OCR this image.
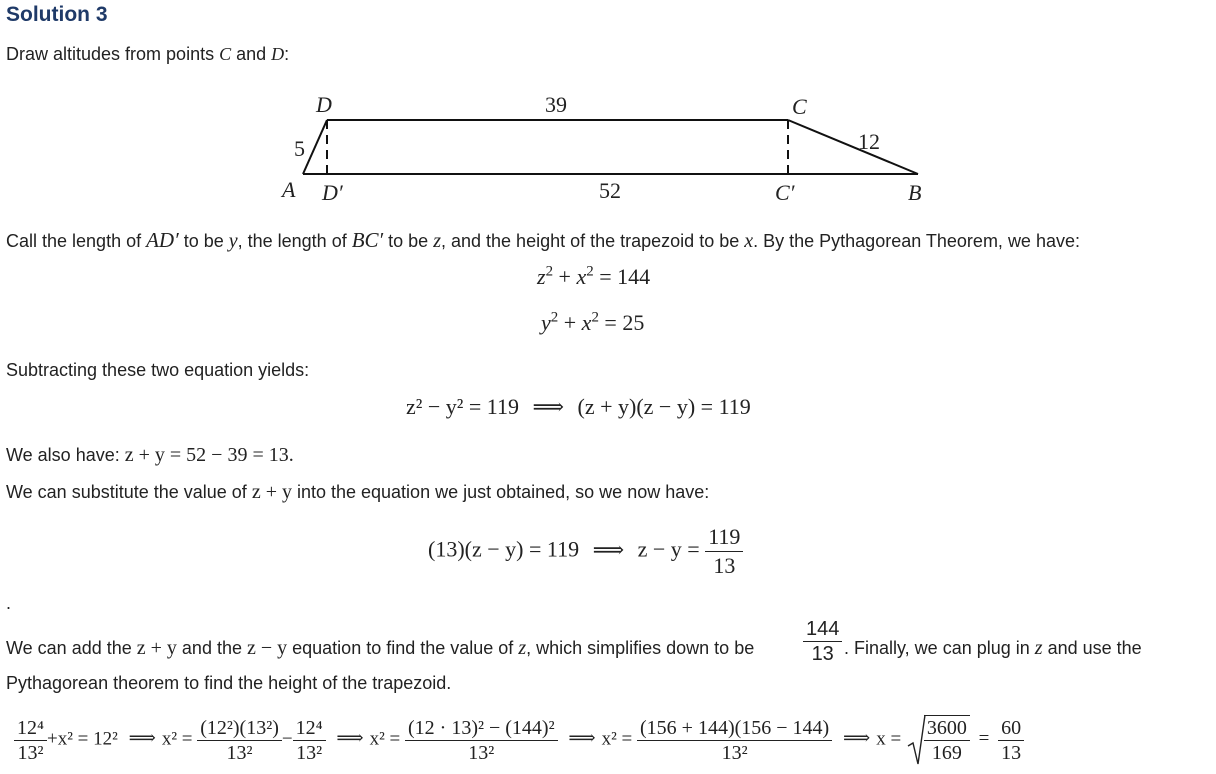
Solution 3
Draw altitudes from points C and D:
D	39	C
5	12
A D′	52	C′	B
Call the length of AD′ to be y, the length of BC′ to be z, and the height of the trapezoid to be x. By the Pythagorean Theorem, we have:
$z^2 + x^2 = 144$
$y^2 + x^2 = 25$
Subtracting these two equation yields:
z² − y² = 119 ⟹ (z + y)(z − y) = 119
We also have: z + y = 52 − 39 = 13.
We can substitute the value of z + y into the equation we just obtained, so we now have:
(13)(z − y) = 119 ⟹ $z - y = \frac{119}{13}$
.
We can add the z + y and the z − y equation to find the value of z, which simplifies down to be $\frac{144}{13}$ . Finally, we can plug in z and use the
Pythagorean theorem to find the height of the trapezoid.
$\frac{\text{12⁴}}{\text{13²}} +x^2 = 12^2$ ⟹ $x^2 = \frac{\text{(12²)(13²)}}{\text{13²}} - \frac{\text{12⁴}}{\text{13²}}$ ⟹ $x^2 = \frac{\text{(12 · 13)² − (144)²}}{\text{13²}}$ ⟹ $x^2 = \frac{(156 + 144)(156 - 144)}{\text{13²}}$ ⟹ $x = \frac{3600}{169} = \frac{60}{13}$
